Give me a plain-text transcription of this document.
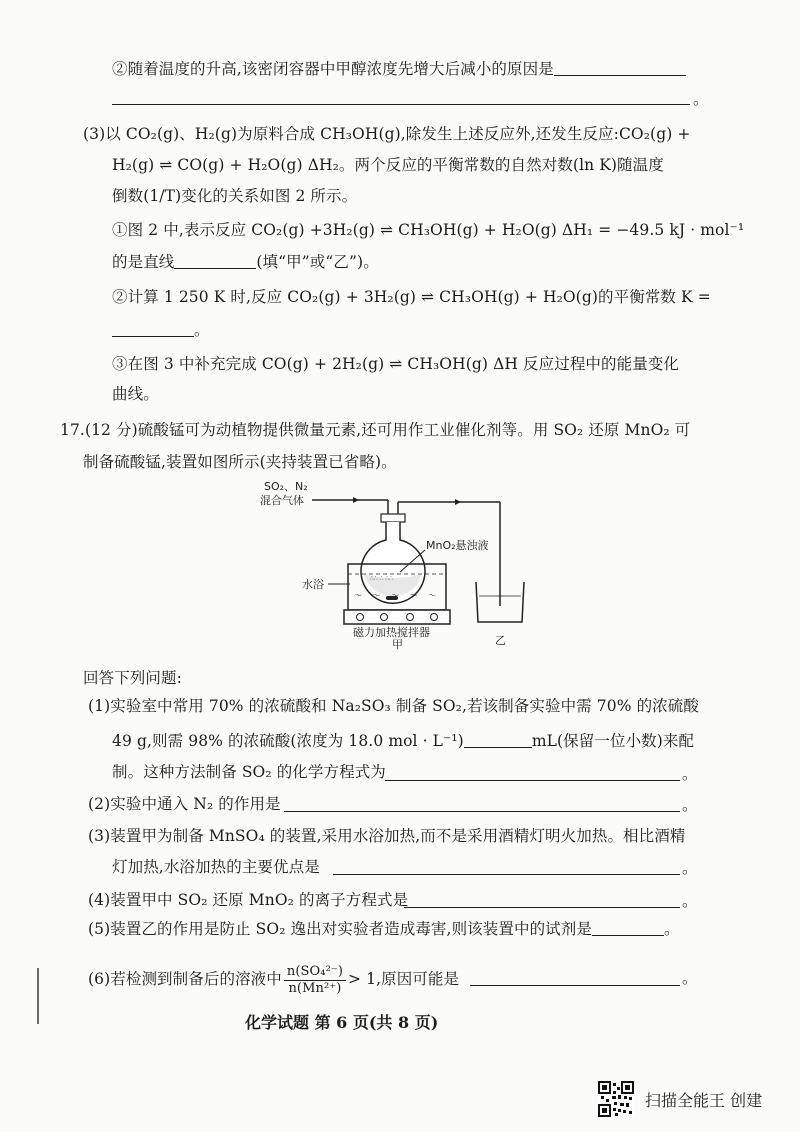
②随着温度的升高,该密闭容器中甲醇浓度先增大后减小的原因是
。
(3)以 CO₂(g)、H₂(g)为原料合成 CH₃OH(g),除发生上述反应外,还发生反应:CO₂(g) +
H₂(g) ⇌ CO(g) + H₂O(g) ΔH₂。两个反应的平衡常数的自然对数(ln K)随温度
倒数(1/T)变化的关系如图 2 所示。
①图 2 中,表示反应 CO₂(g) +3H₂(g) ⇌ CH₃OH(g) + H₂O(g) ΔH₁ = −49.5 kJ · mol⁻¹
的是直线	(填“甲”或“乙”)。
②计算 1 250 K 时,反应 CO₂(g) + 3H₂(g) ⇌ CH₃OH(g) + H₂O(g)的平衡常数 K =
。
③在图 3 中补充完成 CO(g) + 2H₂(g) ⇌ CH₃OH(g) ΔH 反应过程中的能量变化
曲线。
17.(12 分)硫酸锰可为动植物提供微量元素,还可用作工业催化剂等。用 SO₂ 还原 MnO₂ 可
制备硫酸锰,装置如图所示(夹持装置已省略)。
SO₂、N₂
混合气体
∴∴ ∴ ∴∴
MnO₂悬浊液
～ ～ ～ ～ ～
水浴
磁力加热搅拌器
甲	乙
回答下列问题:
(1)实验室中常用 70% 的浓硫酸和 Na₂SO₃ 制备 SO₂,若该制备实验中需 70% 的浓硫酸
49 g,则需 98% 的浓硫酸(浓度为 18.0 mol · L⁻¹)	mL(保留一位小数)来配
制。这种方法制备 SO₂ 的化学方程式为	。
(2)实验中通入 N₂ 的作用是	。
(3)装置甲为制备 MnSO₄ 的装置,采用水浴加热,而不是采用酒精灯明火加热。相比酒精
灯加热,水浴加热的主要优点是	。
(4)装置甲中 SO₂ 还原 MnO₂ 的离子方程式是	。
(5)装置乙的作用是防止 SO₂ 逸出对实验者造成毒害,则该装置中的试剂是	。
(6)若检测到制备后的溶液中 $\frac{\text{n(SO₄²⁻)}}{\text{n(Mn²⁺)}} > 1$,原因可能是	。
化学试题 第 6 页(共 8 页)
扫描全能王 创建
